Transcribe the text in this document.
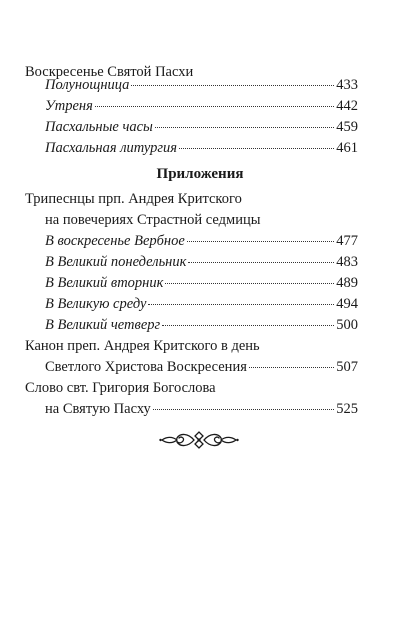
Воскресенье Святой Пасхи
Полунощница	433
Утреня	442
Пасхальные часы	459
Пасхальная литургия	461
Приложения
Трипеснцы прп. Андрея Критского
на повечериях Страстной седмицы
В воскресенье Вербное	477
В Великий понедельник	483
В Великий вторник	489
В Великую среду	494
В Великий четверг	500
Канон преп. Андрея Критского в день
Светлого Христова Воскресения	507
Слово свт. Григория Богослова
на Святую Пасху	525
